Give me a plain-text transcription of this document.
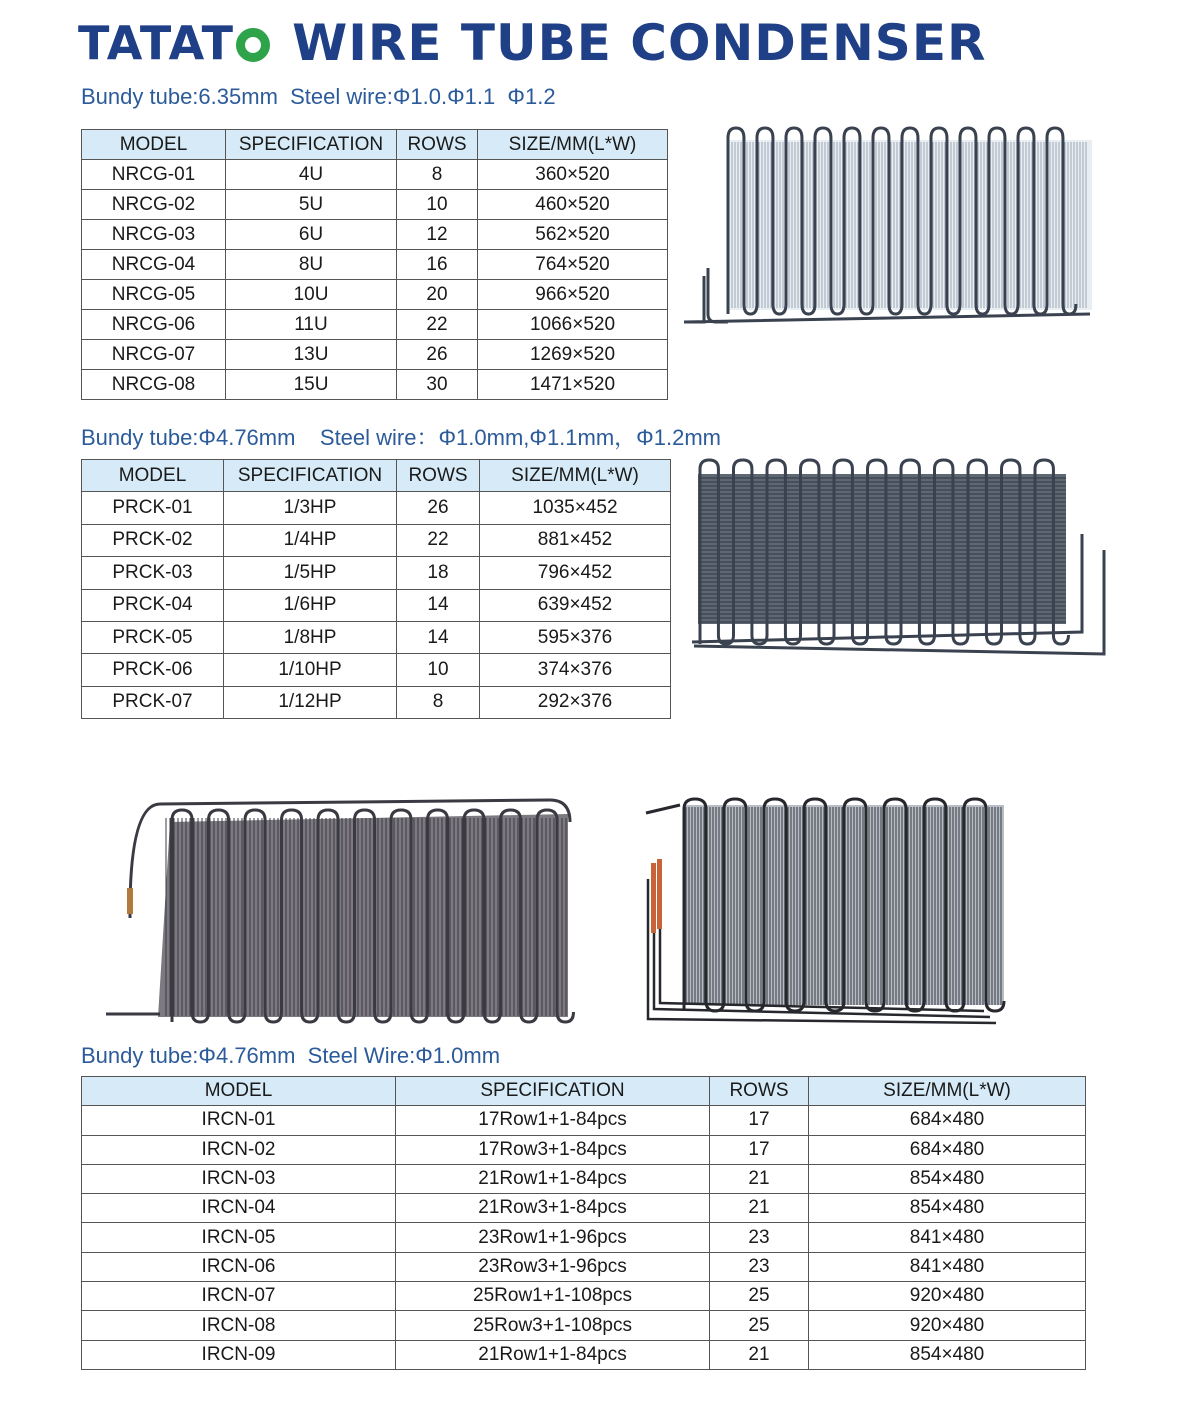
TATAT	WIRE TUBE CONDENSER
Bundy tube:6.35mm  Steel wire:Φ1.0.Φ1.1  Φ1.2
MODEL	SPECIFICATION	ROWS	SIZE/MM(L*W)
NRCG-01	4U	8	360×520
NRCG-02	5U	10	460×520
NRCG-03	6U	12	562×520
NRCG-04	8U	16	764×520
NRCG-05	10U	20	966×520
NRCG-06	11U	22	1066×520
NRCG-07	13U	26	1269×520
NRCG-08	15U	30	1471×520
Bundy tube:Φ4.76mm    Steel wire：Φ1.0mm,Φ1.1mm，Φ1.2mm
MODEL	SPECIFICATION	ROWS	SIZE/MM(L*W)
PRCK-01	1/3HP	26	1035×452
PRCK-02	1/4HP	22	881×452
PRCK-03	1/5HP	18	796×452
PRCK-04	1/6HP	14	639×452
PRCK-05	1/8HP	14	595×376
PRCK-06	1/10HP	10	374×376
PRCK-07	1/12HP	8	292×376
Bundy tube:Φ4.76mm  Steel Wire:Φ1.0mm
MODEL	SPECIFICATION	ROWS	SIZE/MM(L*W)
IRCN-01	17Row1+1-84pcs	17	684×480
IRCN-02	17Row3+1-84pcs	17	684×480
IRCN-03	21Row1+1-84pcs	21	854×480
IRCN-04	21Row3+1-84pcs	21	854×480
IRCN-05	23Row1+1-96pcs	23	841×480
IRCN-06	23Row3+1-96pcs	23	841×480
IRCN-07	25Row1+1-108pcs	25	920×480
IRCN-08	25Row3+1-108pcs	25	920×480
IRCN-09	21Row1+1-84pcs	21	854×480
